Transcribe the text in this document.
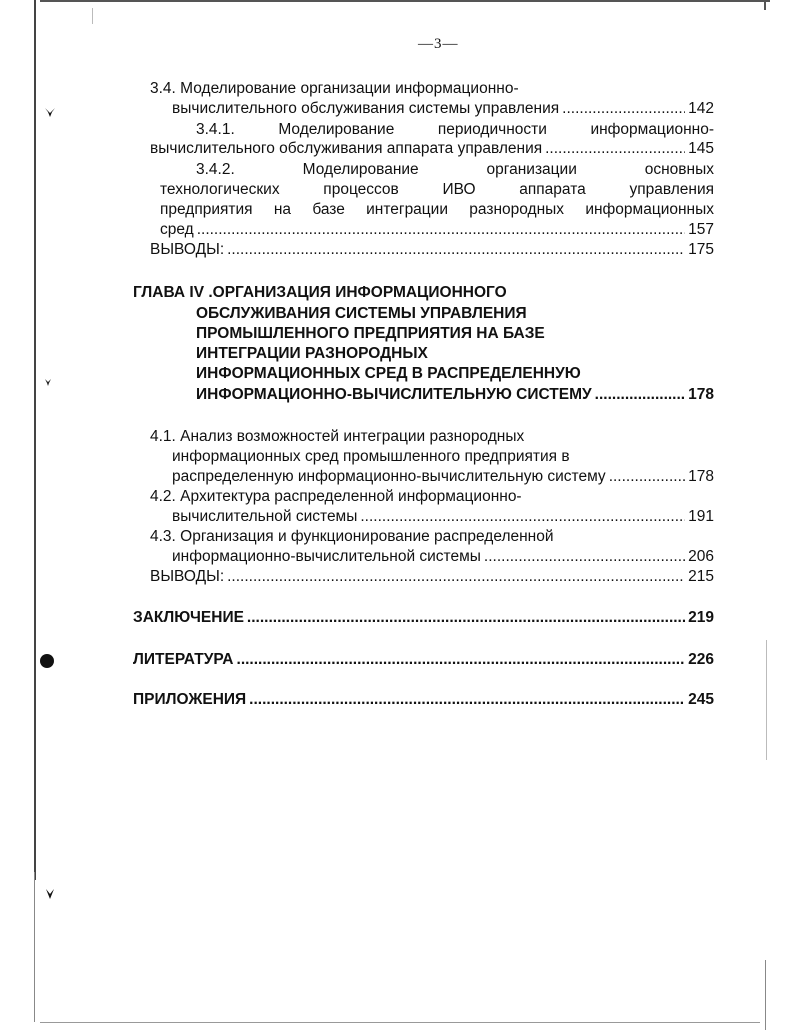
—3—
3.4. Моделирование организации информационно-
вычислительного обслуживания системы управления .....	142
3.4.1. Моделирование периодичности информационно-
вычислительного обслуживания аппарата управления .....	145
3.4.2. Моделирование организации основных
технологических процессов ИВО аппарата управления
предприятия на базе интеграции разнородных информационных
сред .....	157
ВЫВОДЫ: .....	175
ГЛАВА IV .ОРГАНИЗАЦИЯ ИНФОРМАЦИОННОГО
ОБСЛУЖИВАНИЯ СИСТЕМЫ УПРАВЛЕНИЯ
ПРОМЫШЛЕННОГО ПРЕДПРИЯТИЯ НА БАЗЕ
ИНТЕГРАЦИИ РАЗНОРОДНЫХ
ИНФОРМАЦИОННЫХ СРЕД В РАСПРЕДЕЛЕННУЮ
ИНФОРМАЦИОННО-ВЫЧИСЛИТЕЛЬНУЮ СИСТЕМУ .....	178
4.1. Анализ возможностей интеграции разнородных
информационных сред промышленного предприятия в
распределенную информационно-вычислительную систему .....	178
4.2. Архитектура распределенной информационно-
вычислительной системы .....	191
4.3. Организация и функционирование распределенной
информационно-вычислительной системы .....	206
ВЫВОДЫ: .....	215
ЗАКЛЮЧЕНИЕ .....	219
ЛИТЕРАТУРА .....	226
ПРИЛОЖЕНИЯ .....	245
